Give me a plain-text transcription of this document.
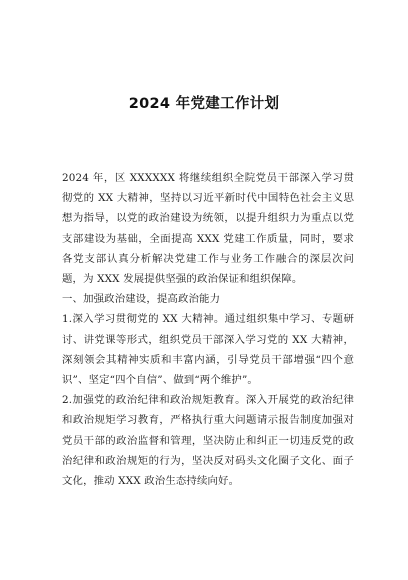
2024 年党建工作计划

2024 年，区 XXXXXX 将继续组织全院党员干部深入学习贯彻党的 XX 大精神，坚持以习近平新时代中国特色社会主义思想为指导，以党的政治建设为统领，以提升组织力为重点以党支部建设为基础，全面提高 XXX 党建工作质量，同时，要求各党支部认真分析解决党建工作与业务工作融合的深层次问题，为 XXX 发展提供坚强的政治保证和组织保障。

一、加强政治建设，提高政治能力

1.深入学习贯彻党的 XX 大精神。通过组织集中学习、专题研讨、讲党课等形式，组织党员干部深入学习党的 XX 大精神，深刻领会其精神实质和丰富内涵，引导党员干部增强“四个意识”、坚定“四个自信”、做到“两个维护”。

2.加强党的政治纪律和政治规矩教育。深入开展党的政治纪律和政治规矩学习教育，严格执行重大问题请示报告制度加强对党员干部的政治监督和管理，坚决防止和纠正一切违反党的政治纪律和政治规矩的行为，坚决反对码头文化圈子文化、面子文化，推动 XXX 政治生态持续向好。
